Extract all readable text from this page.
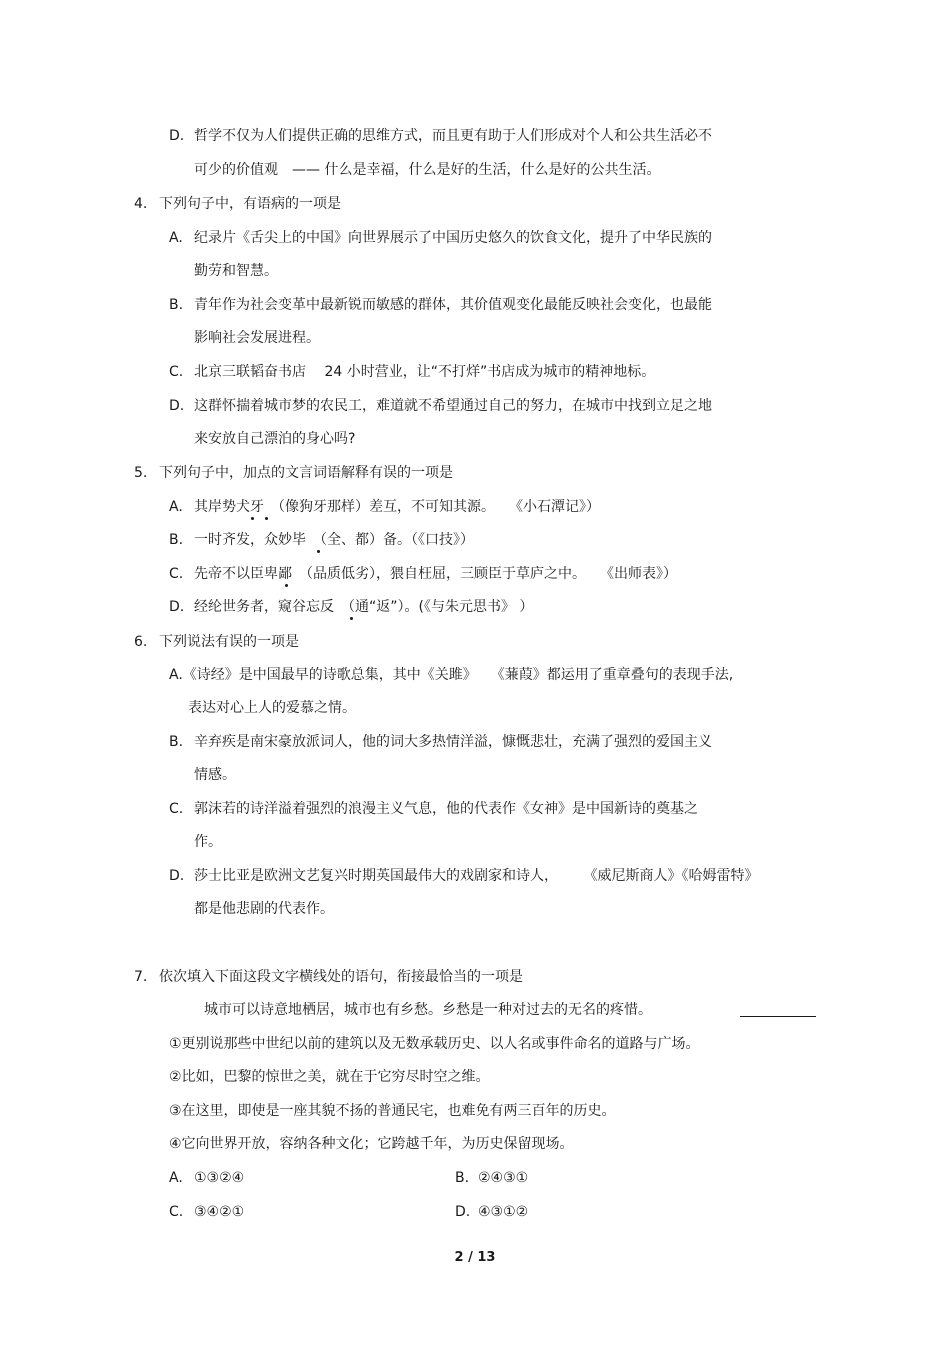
D. 哲学不仅为人们提供正确的思维方式，而且更有助于人们形成对个人和公共生活必不
可少的价值观　—— 什么是幸福，什么是好的生活，什么是好的公共生活。
4. 下列句子中，有语病的一项是
A. 纪录片《舌尖上的中国》向世界展示了中国历史悠久的饮食文化，提升了中华民族的
勤劳和智慧。
B. 青年作为社会变革中最新锐而敏感的群体，其价值观变化最能反映社会变化，也最能
影响社会发展进程。
C. 北京三联韬奋书店　 24 小时营业，让“不打烊”书店成为城市的精神地标。
D. 这群怀揣着城市梦的农民工，难道就不希望通过自己的努力，在城市中找到立足之地
来安放自己漂泊的身心吗?
5. 下列句子中，加点的文言词语解释有误的一项是
A. 其岸势犬牙　（像狗牙那样）差互，不可知其源。　　《小石潭记》）
B. 一时齐发，众妙毕　（全、都）备。（《口技》）
C. 先帝不以臣卑鄙　（品质低劣），猥自枉屈，三顾臣于草庐之中。　　《出师表》）
D. 经纶世务者，窥谷忘反　（通“返”）。(《与朱元思书》 ）
6. 下列说法有误的一项是
A.《诗经》是中国最早的诗歌总集，其中《关雎》　　《蒹葭》都运用了重章叠句的表现手法,
表达对心上人的爱慕之情。
B. 辛弃疾是南宋豪放派词人，他的词大多热情洋溢，慷慨悲壮，充满了强烈的爱国主义
情感。
C. 郭沫若的诗洋溢着强烈的浪漫主义气息，他的代表作《女神》是中国新诗的奠基之
作。
D. 莎士比亚是欧洲文艺复兴时期英国最伟大的戏剧家和诗人，　　 《威尼斯商人》《哈姆雷特》
都是他悲剧的代表作。
7. 依次填入下面这段文字横线处的语句，衔接最恰当的一项是
城市可以诗意地栖居，城市也有乡愁。乡愁是一种对过去的无名的疼惜。
①更别说那些中世纪以前的建筑以及无数承载历史、以人名或事件命名的道路与广场。
②比如，巴黎的惊世之美，就在于它穷尽时空之维。
③在这里，即使是一座其貌不扬的普通民宅，也难免有两三百年的历史。
④它向世界开放，容纳各种文化；它跨越千年，为历史保留现场。
A. ①③②④	B. ②④③①
C. ③④②①	D. ④③①②
2 / 13
